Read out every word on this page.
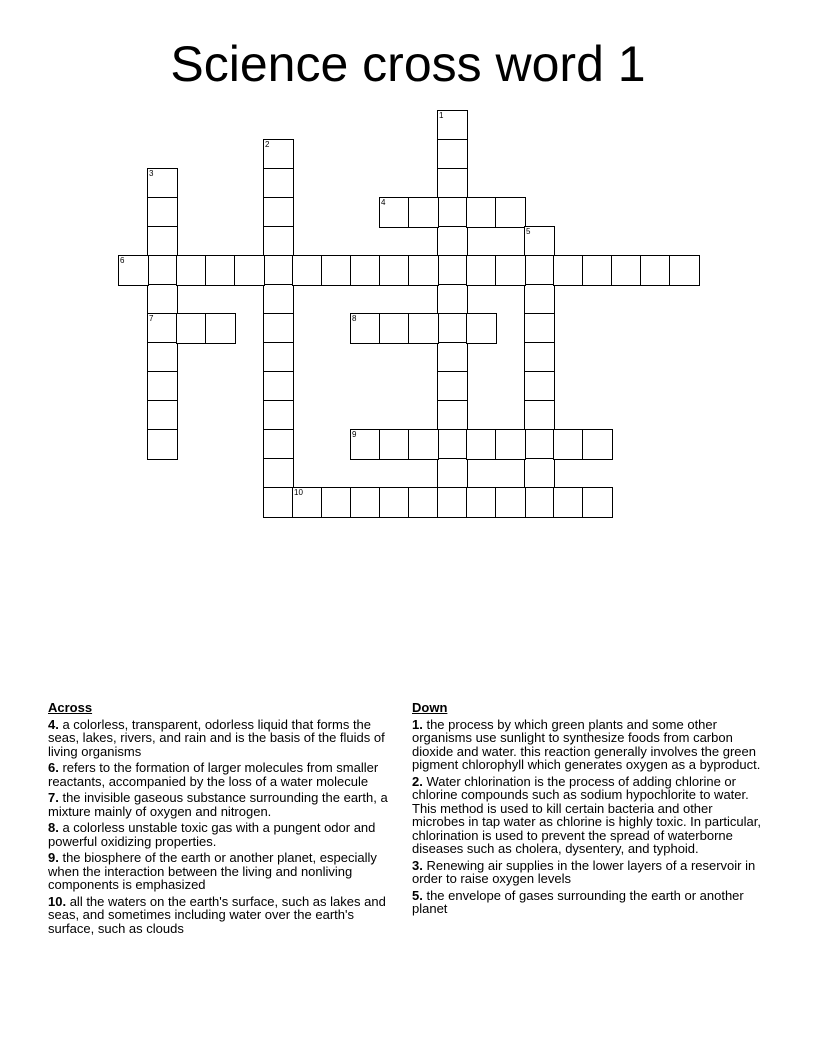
Science cross word 1
1
2
3
7
4
5
6
8
9
10
Across
4. a colorless, transparent, odorless liquid that forms the seas, lakes, rivers, and rain and is the basis of the fluids of living organisms
6. refers to the formation of larger molecules from smaller reactants, accompanied by the loss of a water molecule
7. the invisible gaseous substance surrounding the earth, a mixture mainly of oxygen and nitrogen.
8. a colorless unstable toxic gas with a pungent odor and powerful oxidizing properties.
9. the biosphere of the earth or another planet, especially when the interaction between the living and nonliving components is emphasized
10. all the waters on the earth's surface, such as lakes and seas, and sometimes including water over the earth's surface, such as clouds
Down
1. the process by which green plants and some other organisms use sunlight to synthesize foods from carbon dioxide and water. this reaction generally involves the green pigment chlorophyll which generates oxygen as a byproduct.
2. Water chlorination is the process of adding chlorine or chlorine compounds such as sodium hypochlorite to water. This method is used to kill certain bacteria and other microbes in tap water as chlorine is highly toxic. In particular, chlorination is used to prevent the spread of waterborne diseases such as cholera, dysentery, and typhoid.
3. Renewing air supplies in the lower layers of a reservoir in order to raise oxygen levels
5. the envelope of gases surrounding the earth or another planet
